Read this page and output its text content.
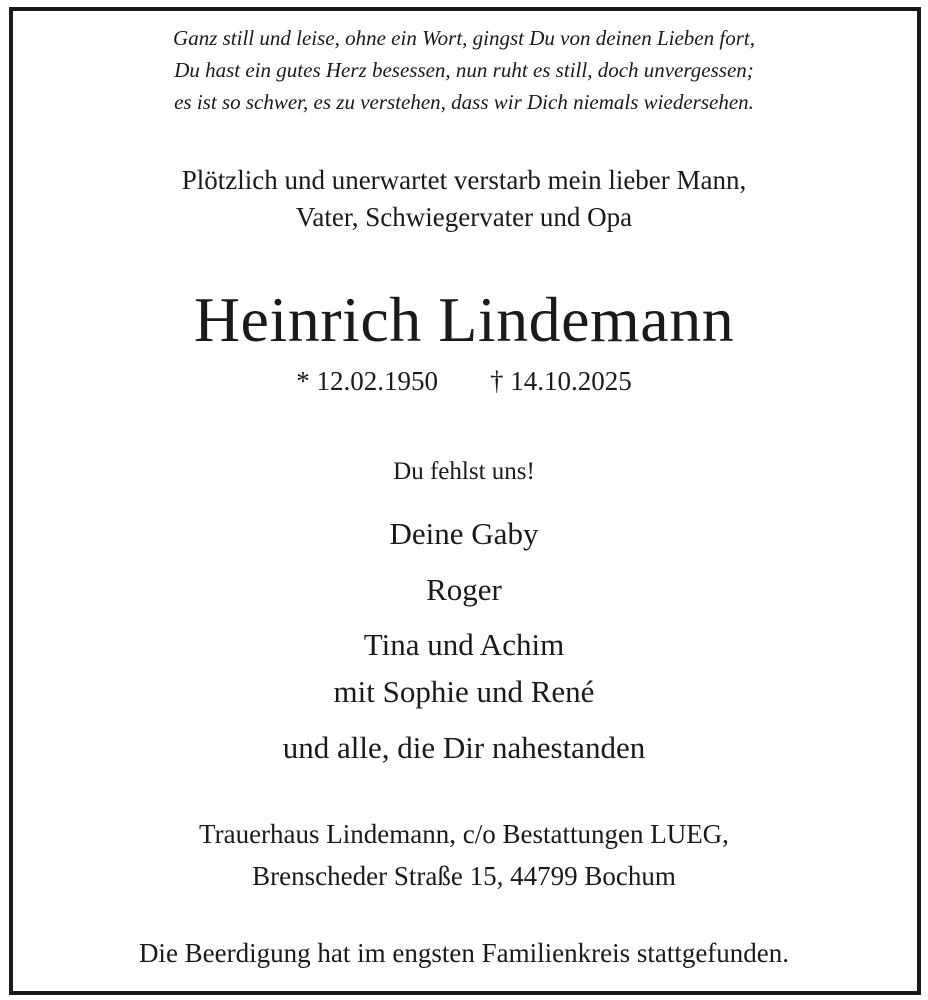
Ganz still und leise, ohne ein Wort, gingst Du von deinen Lieben fort,
Du hast ein gutes Herz besessen, nun ruht es still, doch unvergessen;
es ist so schwer, es zu verstehen, dass wir Dich niemals wiedersehen.
Plötzlich und unerwartet verstarb mein lieber Mann,
Vater, Schwiegervater und Opa
Heinrich Lindemann
* 12.02.1950 † 14.10.2025
Du fehlst uns!
Deine Gaby
Roger
Tina und Achim
mit Sophie und René
und alle, die Dir nahestanden
Trauerhaus Lindemann, c/o Bestattungen LUEG,
Brenscheder Straße 15, 44799 Bochum
Die Beerdigung hat im engsten Familienkreis stattgefunden.
